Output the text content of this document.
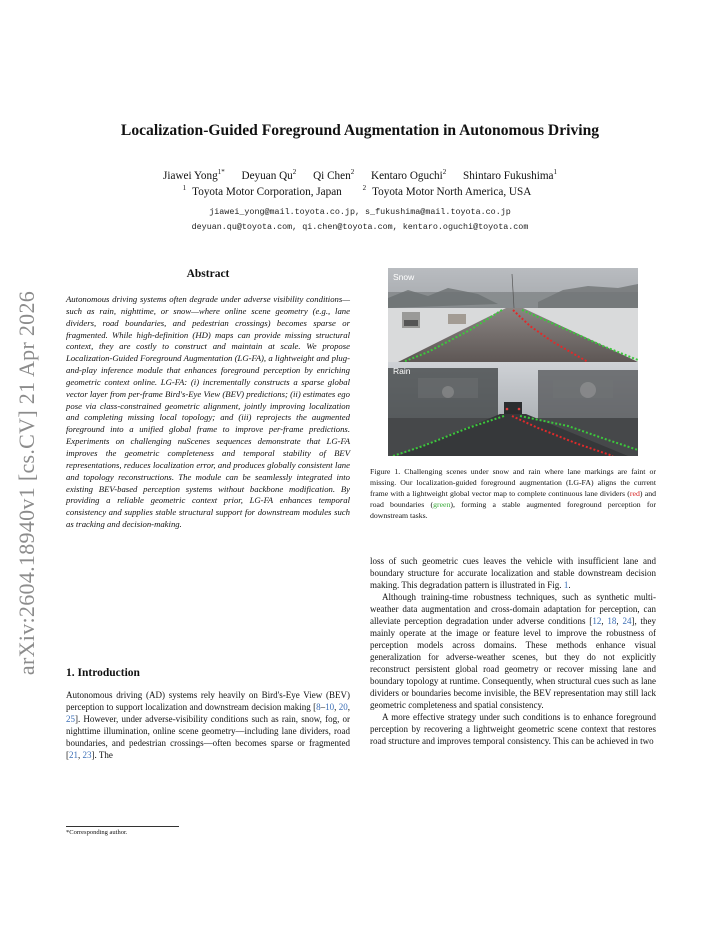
arXiv:2604.18940v1 [cs.CV] 21 Apr 2026
Localization-Guided Foreground Augmentation in Autonomous Driving
Jiawei Yong$^{1*}$ Deyuan Qu$^2$ Qi Chen$^2$ Kentaro Oguchi$^2$ Shintaro Fukushima$^1$
$^1$ Toyota Motor Corporation, Japan	$^2$ Toyota Motor North America, USA
jiawei_yong@mail.toyota.co.jp, s_fukushima@mail.toyota.co.jp
deyuan.qu@toyota.com, qi.chen@toyota.com, kentaro.oguchi@toyota.com
Abstract
Autonomous driving systems often degrade under adverse visibility conditions—such as rain, nighttime, or snow—where online scene geometry (e.g., lane dividers, road boundaries, and pedestrian crossings) becomes sparse or fragmented. While high-definition (HD) maps can provide missing structural context, they are costly to construct and maintain at scale. We propose Localization-Guided Foreground Augmentation (LG-FA), a lightweight and plug-and-play inference module that enhances foreground perception by enriching geometric context online. LG-FA: (i) incrementally constructs a sparse global vector layer from per-frame Bird's-Eye View (BEV) predictions; (ii) estimates ego pose via class-constrained geometric alignment, jointly improving localization and completing missing local topology; and (iii) reprojects the augmented foreground into a unified global frame to improve per-frame predictions. Experiments on challenging nuScenes sequences demonstrate that LG-FA improves the geometric completeness and temporal stability of BEV representations, reduces localization error, and produces globally consistent lane and topology reconstructions. The module can be seamlessly integrated into existing BEV-based perception systems without backbone modification. By providing a reliable geometric context prior, LG-FA enhances temporal consistency and supplies stable structural support for downstream modules such as tracking and decision-making.
1. Introduction
Autonomous driving (AD) systems rely heavily on Bird's-Eye View (BEV) perception to support localization and downstream decision making [8–10, 20, 25]. However, under adverse-visibility conditions such as rain, snow, fog, or nighttime illumination, online scene geometry—including lane dividers, road boundaries, and pedestrian crossings—often becomes sparse or fragmented [21, 23]. The
*Corresponding author.
Snow
Rain
Figure 1. Challenging scenes under snow and rain where lane markings are faint or missing. Our localization-guided foreground augmentation (LG-FA) aligns the current frame with a lightweight global vector map to complete continuous lane dividers (red) and road boundaries (green), forming a stable augmented foreground perception for downstream tasks.

loss of such geometric cues leaves the vehicle with insufficient lane and boundary structure for accurate localization and stable downstream decision making. This degradation pattern is illustrated in Fig. 1.

Although training-time robustness techniques, such as synthetic multi-weather data augmentation and cross-domain adaptation for perception, can alleviate perception degradation under adverse conditions [12, 18, 24], they mainly operate at the image or feature level to improve the robustness of perception models across domains. These methods enhance visual generalization for adverse-weather scenes, but they do not explicitly reconstruct persistent global road geometry or recover missing lane and boundary topology at runtime. Consequently, when structural cues such as lane dividers or boundaries become invisible, the BEV representation may still lack geometric completeness and spatial consistency.

A more effective strategy under such conditions is to enhance foreground perception by recovering a lightweight geometric scene context that restores road structure and improves temporal consistency. This can be achieved in two
